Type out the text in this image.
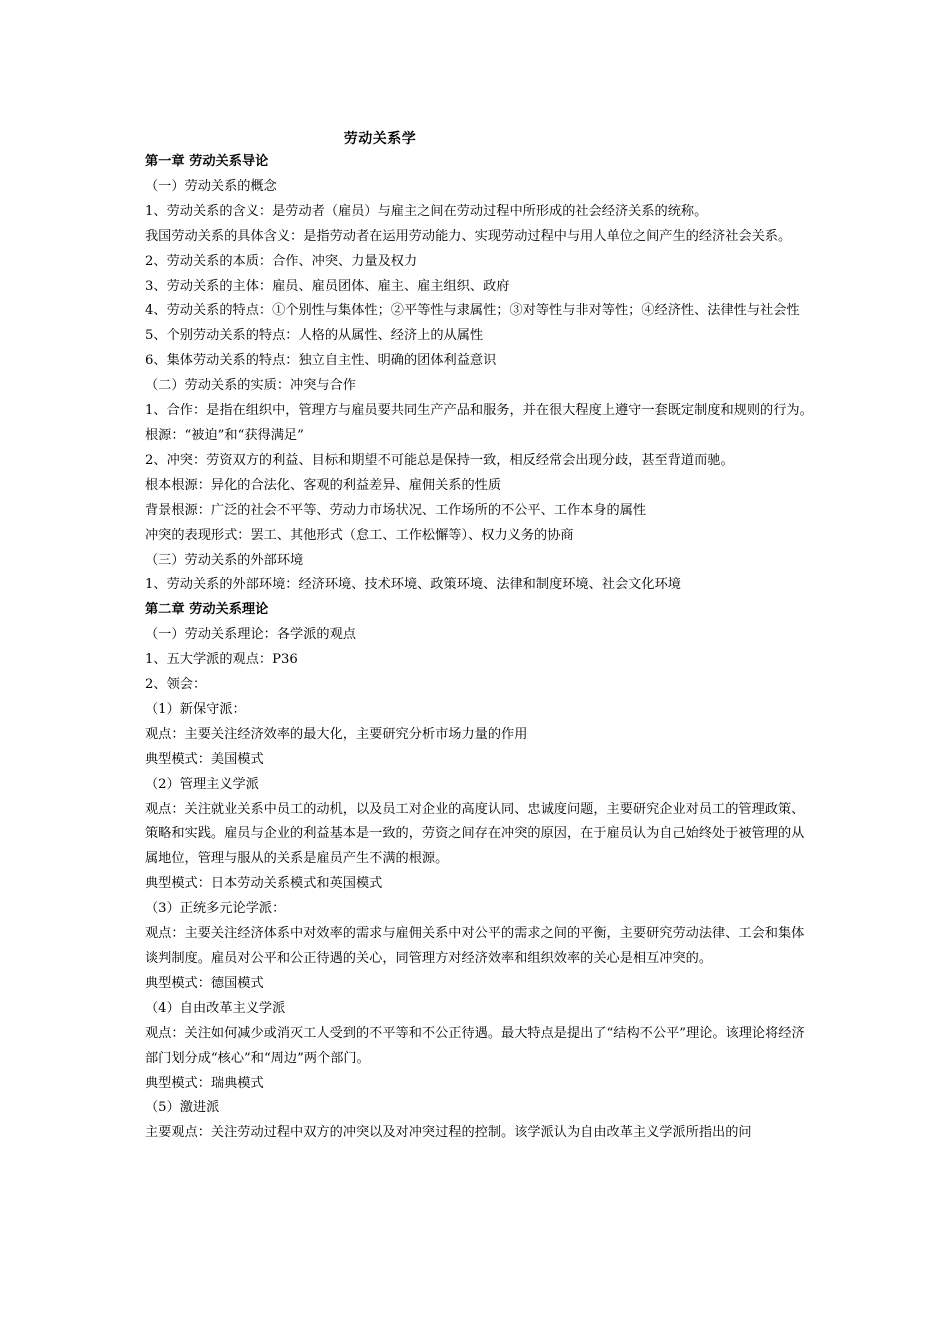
劳动关系学

第一章 劳动关系导论

（一）劳动关系的概念

1、劳动关系的含义：是劳动者（雇员）与雇主之间在劳动过程中所形成的社会经济关系的统称。

我国劳动关系的具体含义：是指劳动者在运用劳动能力、实现劳动过程中与用人单位之间产生的经济社会关系。

2、劳动关系的本质：合作、冲突、力量及权力

3、劳动关系的主体：雇员、雇员团体、雇主、雇主组织、政府

4、劳动关系的特点：①个别性与集体性；②平等性与隶属性；③对等性与非对等性；④经济性、法律性与社会性

5、个别劳动关系的特点：人格的从属性、经济上的从属性

6、集体劳动关系的特点：独立自主性、明确的团体利益意识

（二）劳动关系的实质：冲突与合作

1、合作：是指在组织中，管理方与雇员要共同生产产品和服务，并在很大程度上遵守一套既定制度和规则的行为。

根源：“被迫”和“获得满足”

2、冲突：劳资双方的利益、目标和期望不可能总是保持一致，相反经常会出现分歧，甚至背道而驰。

根本根源：异化的合法化、客观的利益差异、雇佣关系的性质

背景根源：广泛的社会不平等、劳动力市场状况、工作场所的不公平、工作本身的属性

冲突的表现形式：罢工、其他形式（怠工、工作松懈等）、权力义务的协商

（三）劳动关系的外部环境

1、劳动关系的外部环境：经济环境、技术环境、政策环境、法律和制度环境、社会文化环境

第二章 劳动关系理论

（一）劳动关系理论：各学派的观点

1、五大学派的观点：P36

2、领会：

（1）新保守派：

观点：主要关注经济效率的最大化，主要研究分析市场力量的作用

典型模式：美国模式

（2）管理主义学派

观点：关注就业关系中员工的动机，以及员工对企业的高度认同、忠诚度问题，主要研究企业对员工的管理政策、策略和实践。雇员与企业的利益基本是一致的，劳资之间存在冲突的原因，在于雇员认为自己始终处于被管理的从属地位，管理与服从的关系是雇员产生不满的根源。

典型模式：日本劳动关系模式和英国模式

（3）正统多元论学派：

观点：主要关注经济体系中对效率的需求与雇佣关系中对公平的需求之间的平衡，主要研究劳动法律、工会和集体谈判制度。雇员对公平和公正待遇的关心，同管理方对经济效率和组织效率的关心是相互冲突的。

典型模式：德国模式

（4）自由改革主义学派

观点：关注如何减少或消灭工人受到的不平等和不公正待遇。最大特点是提出了“结构不公平”理论。该理论将经济部门划分成“核心”和“周边”两个部门。

典型模式：瑞典模式

（5）激进派

主要观点：关注劳动过程中双方的冲突以及对冲突过程的控制。该学派认为自由改革主义学派所指出的问
